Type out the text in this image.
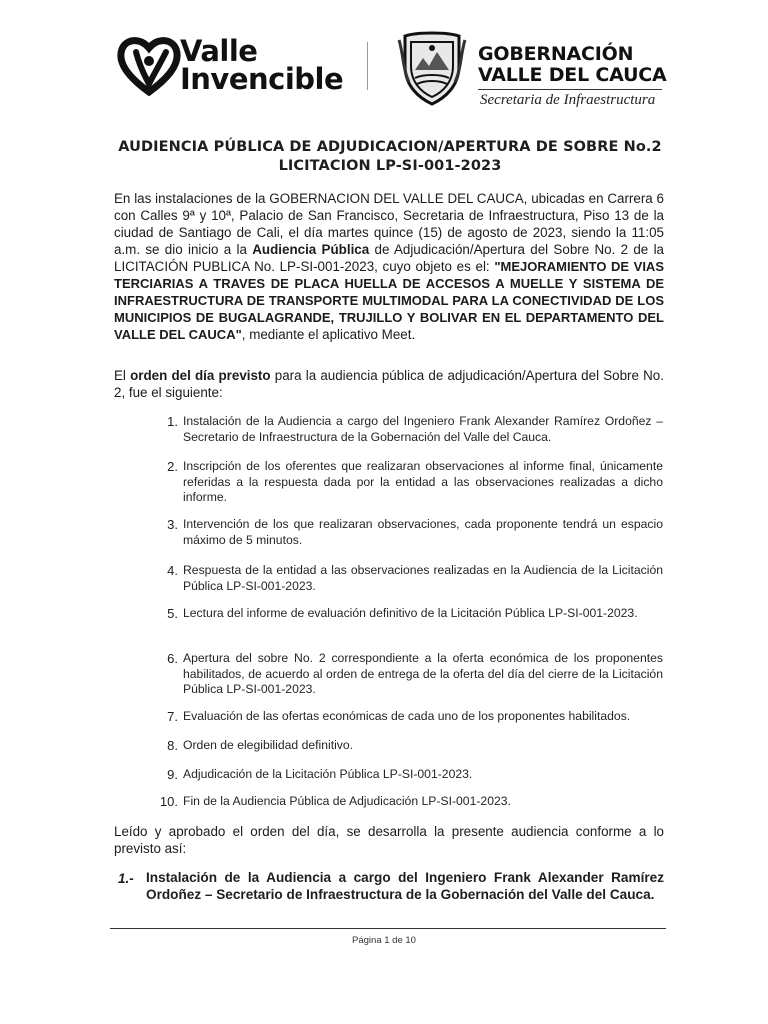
Valle
Invencible
GOBERNACIÓN
VALLE DEL CAUCA
Secretaria de Infraestructura
AUDIENCIA PÚBLICA DE ADJUDICACION/APERTURA DE SOBRE No.2
LICITACION LP-SI-001-2023
En las instalaciones de la GOBERNACION DEL VALLE DEL CAUCA, ubicadas en Carrera 6 con Calles 9ª y 10ª, Palacio de San Francisco, Secretaria de Infraestructura, Piso 13 de la ciudad de Santiago de Cali, el día martes quince (15) de agosto de 2023, siendo la 11:05 a.m. se dio inicio a la Audiencia Pública de Adjudicación/Apertura del Sobre No. 2 de la LICITACIÓN PUBLICA No. LP-SI-001-2023, cuyo objeto es el: "MEJORAMIENTO DE VIAS TERCIARIAS A TRAVES DE PLACA HUELLA DE ACCESOS A MUELLE Y SISTEMA DE INFRAESTRUCTURA DE TRANSPORTE MULTIMODAL PARA LA CONECTIVIDAD DE LOS MUNICIPIOS DE BUGALAGRANDE, TRUJILLO Y BOLIVAR EN EL DEPARTAMENTO DEL VALLE DEL CAUCA", mediante el aplicativo Meet.
El orden del día previsto para la audiencia pública de adjudicación/Apertura del Sobre No. 2, fue el siguiente:
1. Instalación de la Audiencia a cargo del Ingeniero Frank Alexander Ramírez Ordoñez – Secretario de Infraestructura de la Gobernación del Valle del Cauca.
2. Inscripción de los oferentes que realizaran observaciones al informe final, únicamente referidas a la respuesta dada por la entidad a las observaciones realizadas a dicho informe.
3. Intervención de los que realizaran observaciones, cada proponente tendrá un espacio máximo de 5 minutos.
4. Respuesta de la entidad a las observaciones realizadas en la Audiencia de la Licitación Pública LP-SI-001-2023.
5. Lectura del informe de evaluación definitivo de la Licitación Pública LP-SI-001-2023.
6. Apertura del sobre No. 2 correspondiente a la oferta económica de los proponentes habilitados, de acuerdo al orden de entrega de la oferta del día del cierre de la Licitación Pública LP-SI-001-2023.
7. Evaluación de las ofertas económicas de cada uno de los proponentes habilitados.
8. Orden de elegibilidad definitivo.
9. Adjudicación de la Licitación Pública LP-SI-001-2023.
10. Fin de la Audiencia Pública de Adjudicación LP-SI-001-2023.
Leído y aprobado el orden del día, se desarrolla la presente audiencia conforme a lo previsto así:
1.- Instalación de la Audiencia a cargo del Ingeniero Frank Alexander Ramírez Ordoñez – Secretario de Infraestructura de la Gobernación del Valle del Cauca.
Página 1 de 10
